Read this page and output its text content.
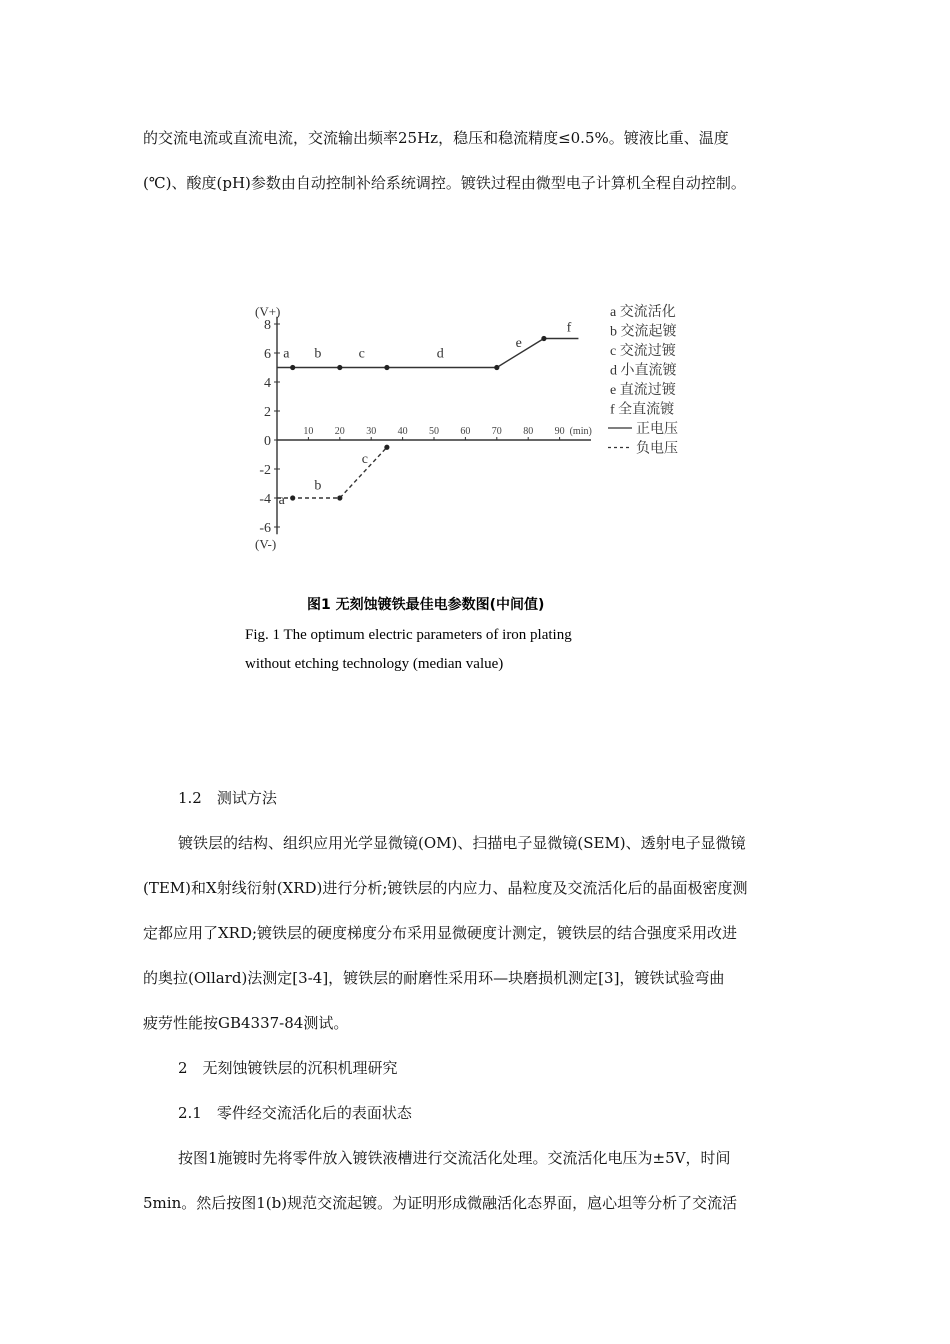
的交流电流或直流电流，交流输出频率25Hz，稳压和稳流精度≤0.5%。镀液比重、温度
(℃)、酸度(pH)参数由自动控制补给系统调控。镀铁过程由微型电子计算机全程自动控制。
(V+)
(V-)
8
6
4
2
0
-2
-4
-6
10 20 30 40 50 60 70 80 90 (min)
a b	c	d
e
f
a
b
c
a 交流活化
b 交流起镀
c 交流过镀
d 小直流镀
e 直流过镀
f 全直流镀
正电压
负电压
图1 无刻蚀镀铁最佳电参数图(中间值)
Fig. 1 The optimum electric parameters of iron plating
without etching technology (median value)
1.2　测试方法
镀铁层的结构、组织应用光学显微镜(OM)、扫描电子显微镜(SEM)、透射电子显微镜
(TEM)和X射线衍射(XRD)进行分析;镀铁层的内应力、晶粒度及交流活化后的晶面极密度测
定都应用了XRD;镀铁层的硬度梯度分布采用显微硬度计测定，镀铁层的结合强度采用改进
的奥拉(Ollard)法测定[3-4]，镀铁层的耐磨性采用环—块磨损机测定[3]，镀铁试验弯曲
疲劳性能按GB4337-84测试。
2　无刻蚀镀铁层的沉积机理研究
2.1　零件经交流活化后的表面状态
按图1施镀时先将零件放入镀铁液槽进行交流活化处理。交流活化电压为±5V，时间
5min。然后按图1(b)规范交流起镀。为证明形成微融活化态界面，扈心坦等分析了交流活
